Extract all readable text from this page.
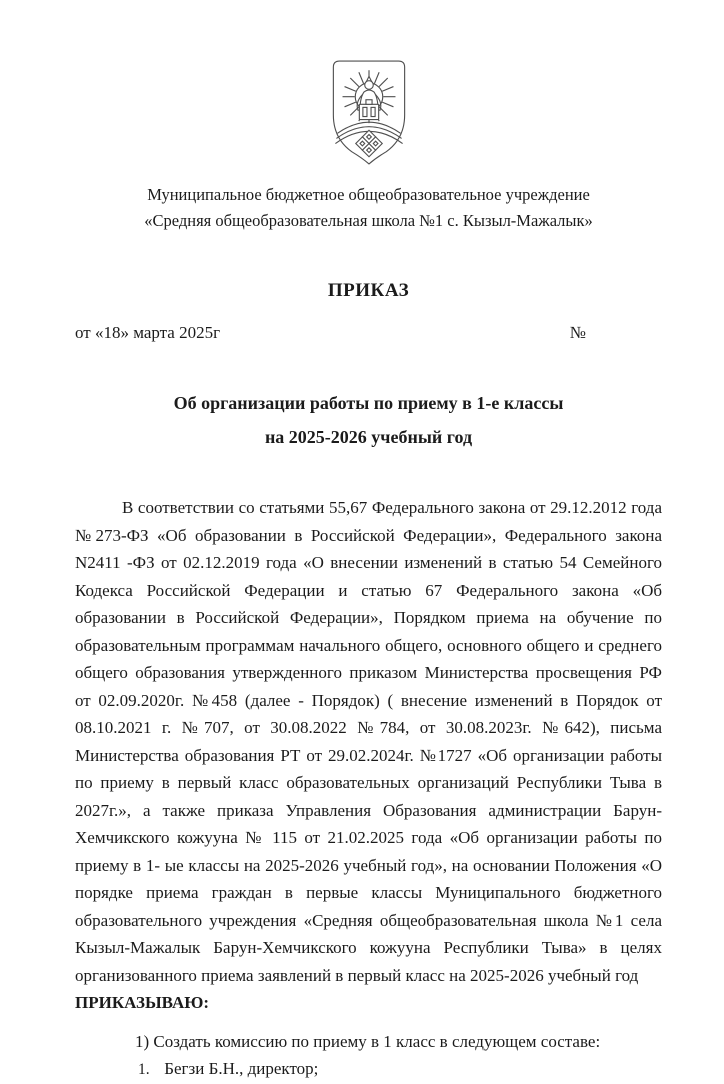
Муниципальное бюджетное общеобразовательное учреждение
«Средняя общеобразовательная школа №1 с. Кызыл-Мажалык»
ПРИКАЗ
от «18» марта 2025г	№
Об организации работы по приему в 1-е классы
на 2025-2026 учебный год

В соответствии со статьями 55,67 Федерального закона от 29.12.2012 года №273-ФЗ «Об образовании в Российской Федерации», Федерального закона N2411 -ФЗ от 02.12.2019 года «О внесении изменений в статью 54 Семейного Кодекса Российской Федерации и статью 67 Федерального закона «Об образовании в Российской Федерации», Порядком приема на обучение по образовательным программам начального общего, основного общего и среднего общего образования утвержденного приказом Министерства просвещения РФ от 02.09.2020г. №458 (далее - Порядок) ( внесение изменений в Порядок от 08.10.2021 г. №707, от 30.08.2022 №784, от 30.08.2023г. №642), письма Министерства образования РТ от 29.02.2024г. №1727 «Об организации работы по приему в первый класс образовательных организаций Республики Тыва в 2027г.», а также приказа Управления Образования администрации Барун-Хемчикского кожууна № 115 от 21.02.2025 года «Об организации работы по приему в 1- ые классы на 2025-2026 учебный год», на основании Положения «О порядке приема граждан в первые классы Муниципального бюджетного образовательного учреждения «Средняя общеобразовательная школа №1 села Кызыл-Мажалык Барун-Хемчикского кожууна Республики Тыва» в целях организованного приема заявлений в первый класс на 2025-2026 учебный год

ПРИКАЗЫВАЮ:

1) Создать комиссию по приему в 1 класс в следующем составе:

1. Бегзи Б.Н., директор;
